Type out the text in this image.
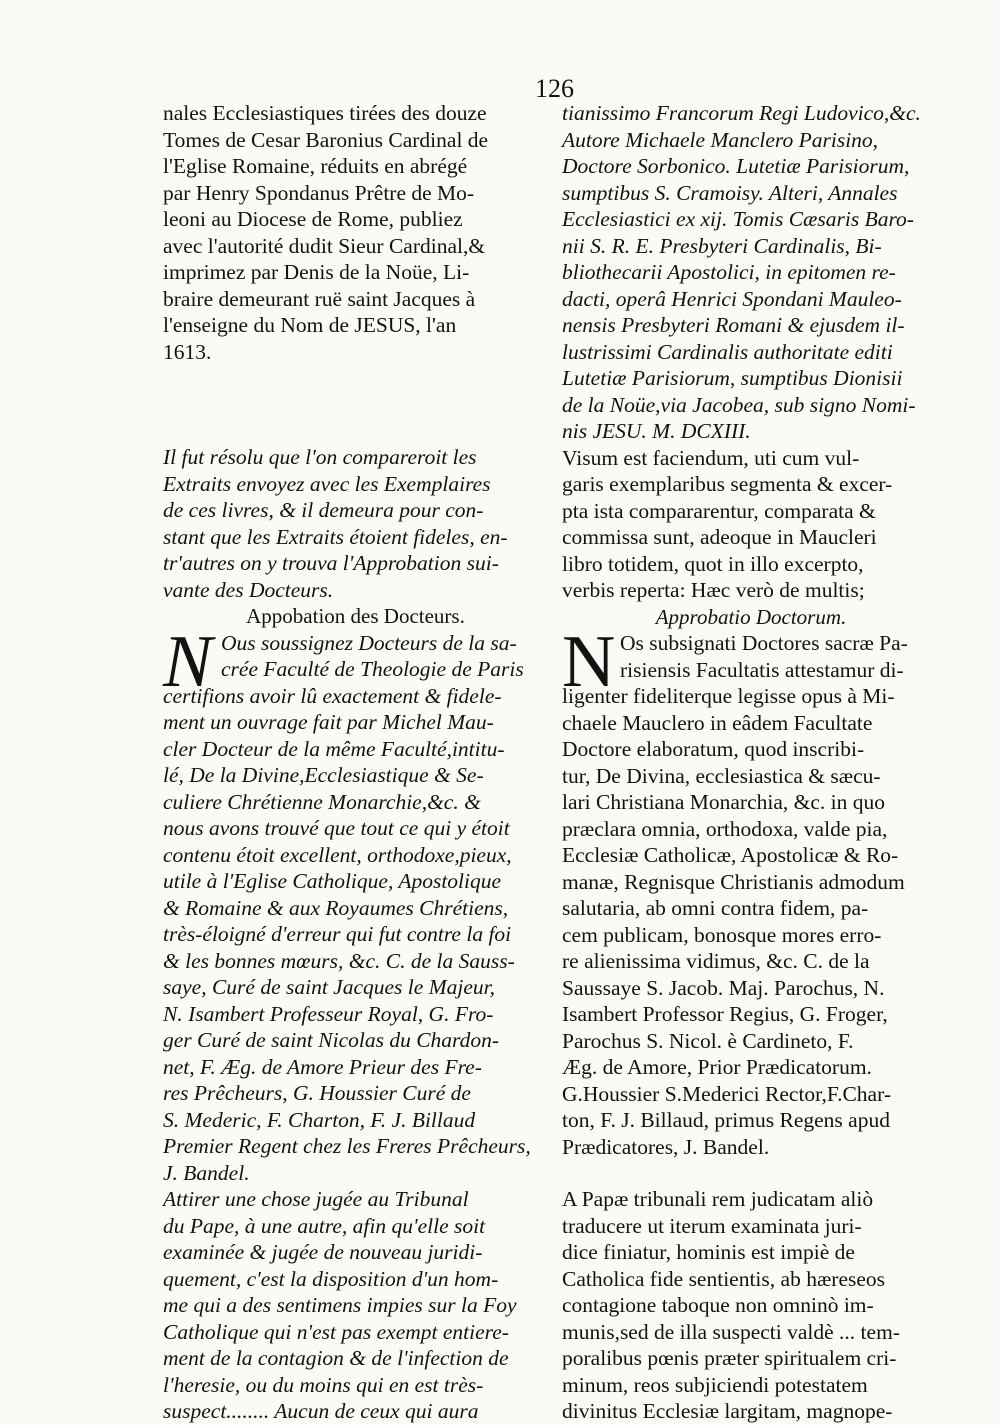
126
nales Ecclesiastiques tirées des douze
Tomes de Cesar Baronius Cardinal de
l'Eglise Romaine, réduits en abrégé
par Henry Spondanus Prêtre de Mo-
leoni au Diocese de Rome, publiez
avec l'autorité dudit Sieur Cardinal,&
imprimez par Denis de la Noüe, Li-
braire demeurant ruë saint Jacques à
l'enseigne du Nom de JESUS, l'an
1613.
Il fut résolu que l'on compareroit les
Extraits envoyez avec les Exemplaires
de ces livres, & il demeura pour con-
stant que les Extraits étoient fideles, en-
tr'autres on y trouva l'Approbation sui-
vante des Docteurs.
Appobation des Docteurs.
N Ous soussignez Docteurs de la sa-
crée Faculté de Theologie de Paris
certifions avoir lû exactement & fidele-
ment un ouvrage fait par Michel Mau-
cler Docteur de la même Faculté,intitu-
lé, De la Divine,Ecclesiastique & Se-
culiere Chrétienne Monarchie,&c. &
nous avons trouvé que tout ce qui y étoit
contenu étoit excellent, orthodoxe,pieux,
utile à l'Eglise Catholique, Apostolique
& Romaine & aux Royaumes Chrétiens,
très-éloigné d'erreur qui fut contre la foi
& les bonnes mœurs, &c. C. de la Sauss-
saye, Curé de saint Jacques le Majeur,
N. Isambert Professeur Royal, G. Fro-
ger Curé de saint Nicolas du Chardon-
net, F. Æg. de Amore Prieur des Fre-
res Prêcheurs, G. Houssier Curé de
S. Mederic, F. Charton, F. J. Billaud
Premier Regent chez les Freres Prêcheurs,
J. Bandel.
Attirer une chose jugée au Tribunal
du Pape, à une autre, afin qu'elle soit
examinée & jugée de nouveau juridi-
quement, c'est la disposition d'un hom-
me qui a des sentimens impies sur la Foy
Catholique qui n'est pas exempt entiere-
ment de la contagion & de l'infection de
l'heresie, ou du moins qui en est très-
suspect........ Aucun de ceux qui aura
tianissimo Francorum Regi Ludovico,&c.
Autore Michaele Manclero Parisino,
Doctore Sorbonico. Lutetiæ Parisiorum,
sumptibus S. Cramoisy. Alteri, Annales
Ecclesiastici ex xij. Tomis Cæsaris Baro-
nii S. R. E. Presbyteri Cardinalis, Bi-
bliothecarii Apostolici, in epitomen re-
dacti, operâ Henrici Spondani Mauleo-
nensis Presbyteri Romani & ejusdem il-
lustrissimi Cardinalis authoritate editi
Lutetiæ Parisiorum, sumptibus Dionisii
de la Noüe,via Jacobea, sub signo Nomi-
nis JESU. M. DCXIII.
Visum est faciendum, uti cum vul-
garis exemplaribus segmenta & excer-
pta ista compararentur, comparata &
commissa sunt, adeoque in Maucleri
libro totidem, quot in illo excerpto,
verbis reperta: Hæc verò de multis;
Approbatio Doctorum.
N Os subsignati Doctores sacræ Pa-
risiensis Facultatis attestamur di-
ligenter fideliterque legisse opus à Mi-
chaele Mauclero in eâdem Facultate
Doctore elaboratum, quod inscribi-
tur, De Divina, ecclesiastica & sæcu-
lari Christiana Monarchia, &c. in quo
præclara omnia, orthodoxa, valde pia,
Ecclesiæ Catholicæ, Apostolicæ & Ro-
manæ, Regnisque Christianis admodum
salutaria, ab omni contra fidem, pa-
cem publicam, bonosque mores erro-
re alienissima vidimus, &c. C. de la
Saussaye S. Jacob. Maj. Parochus, N.
Isambert Professor Regius, G. Froger,
Parochus S. Nicol. è Cardineto, F.
Æg. de Amore, Prior Prædicatorum.
G.Houssier S.Mederici Rector,F.Char-
ton, F. J. Billaud, primus Regens apud
Prædicatores, J. Bandel.
A Papæ tribunali rem judicatam aliò
traducere ut iterum examinata juri-
dice finiatur, hominis est impiè de
Catholica fide sentientis, ab hæreseos
contagione taboque non omninò im-
munis,sed de illa suspecti valdè ... tem-
poralibus pœnis præter spiritualem cri-
minum, reos subjiciendi potestatem
divinitus Ecclesiæ largitam, magnope-
